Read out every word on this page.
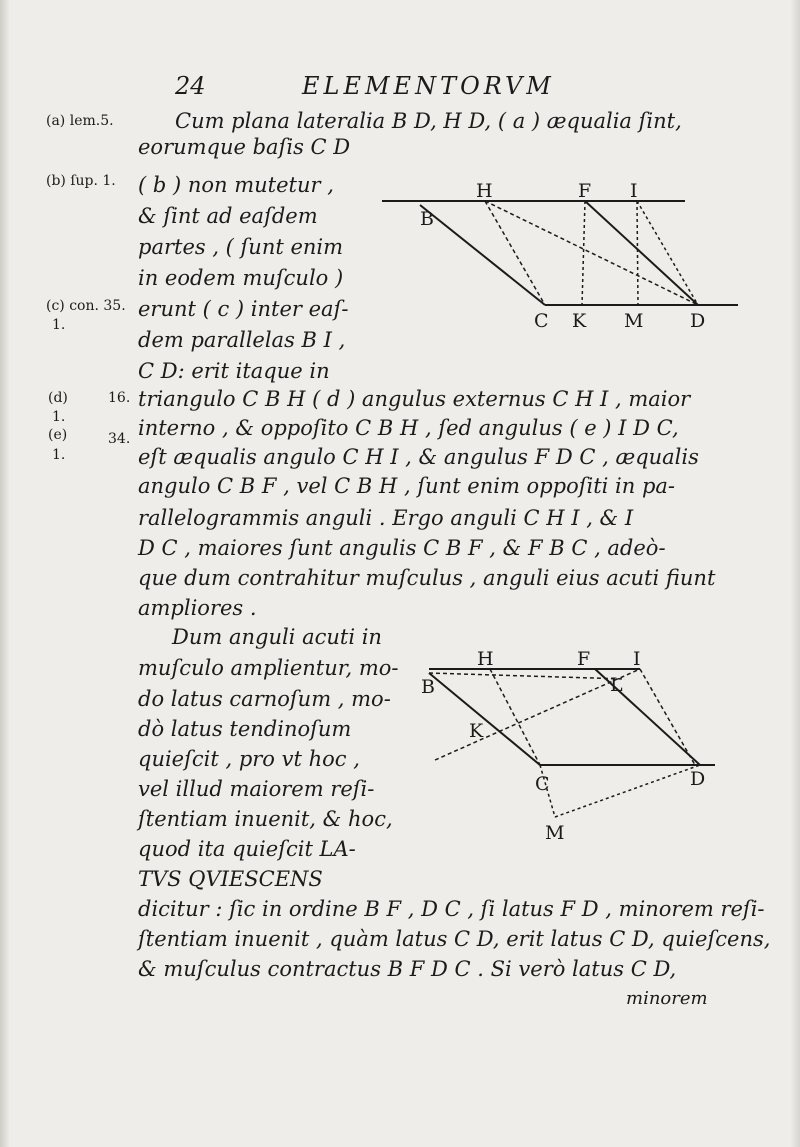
24	ELEMENTORVM
(a) lem.5.
(b) ſup. 1.
(c) con. 35.
1.
(d)	16.
1.
(e)	34.
1.
Cum plana lateralia B D, H D, ( a ) æqualia ſint,
eorumque baſis C D
( b ) non mutetur ,
& ſint ad eaſdem
partes , ( ſunt enim
in eodem muſculo )
erunt ( c ) inter eaſ-
dem parallelas B I ,
C D: erit itaque in
triangulo C B H ( d ) angulus externus C H I , maior
interno , & oppoſito C B H , ſed angulus ( e ) I D C,
eſt æqualis angulo C H I , & angulus F D C , æqualis
angulo C B F , vel C B H , ſunt enim oppoſiti in pa-
rallelogrammis anguli . Ergo anguli C H I , & I
D C , maiores ſunt angulis C B F , & F B C , adeò-
que dum contrahitur muſculus , anguli eius acuti fiunt
ampliores .
Dum anguli acuti in
muſculo amplientur, mo-
do latus carnoſum , mo-
dò latus tendinoſum
quieſcit , pro vt hoc ,
vel illud maiorem reſi-
ſtentiam inuenit, & hoc,
quod ita quieſcit LA-
TVS QVIESCENS
dicitur : ſic in ordine B F , D C , ſi latus F D , minorem reſi-
ſtentiam inuenit , quàm latus C D, erit latus C D, quieſcens,
& muſculus contractus B F D C . Si verò latus C D,
minorem
H	F I
B
C K M D
H	F I
B	L
K
C	D
M
